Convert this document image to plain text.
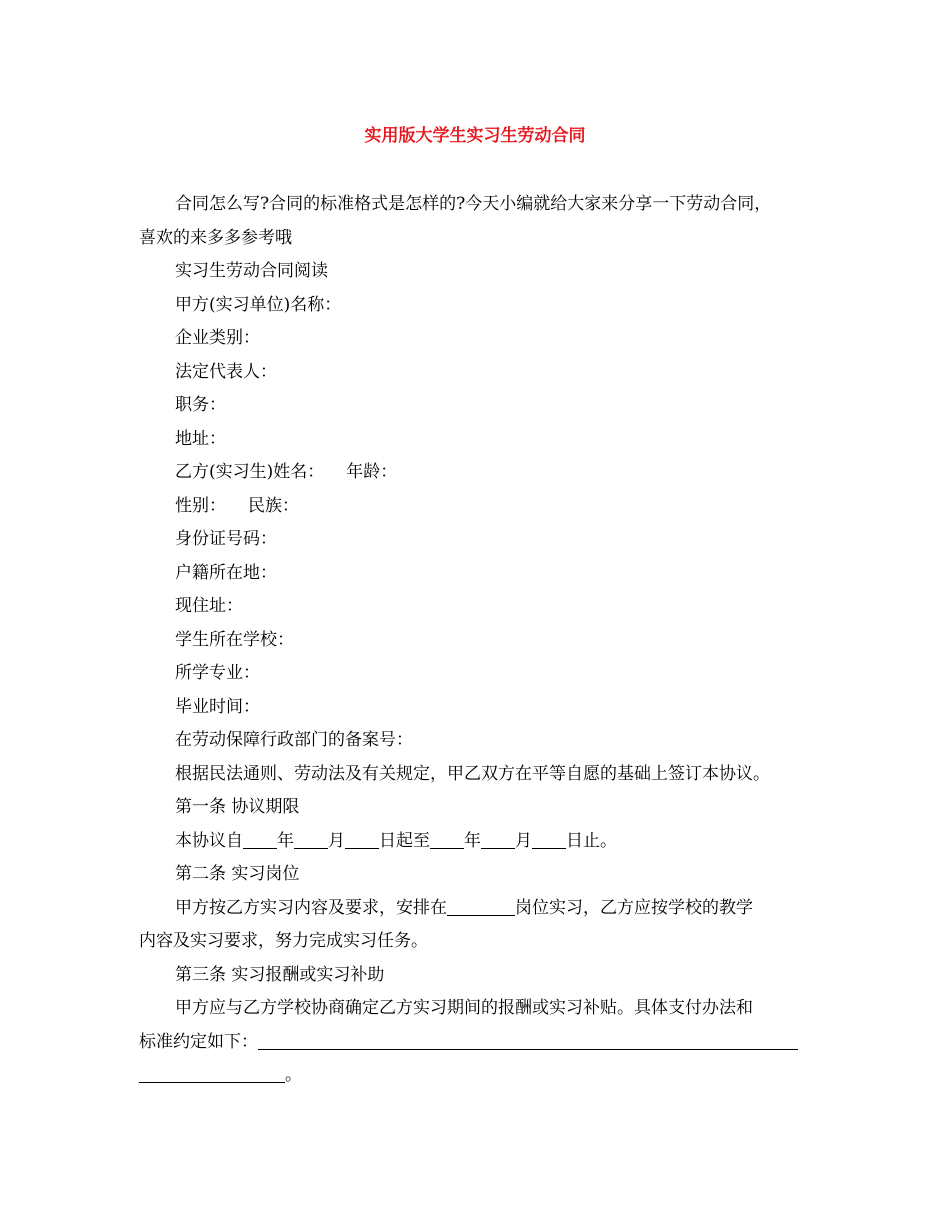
实用版大学生实习生劳动合同

合同怎么写?合同的标准格式是怎样的?今天小编就给大家来分享一下劳动合同，

喜欢的来多多参考哦

实习生劳动合同阅读

甲方(实习单位)名称：

企业类别：

法定代表人：

职务：

地址：

乙方(实习生)姓名： 年龄：

性别： 民族：

身份证号码：

户籍所在地：

现住址：

学生所在学校：

所学专业：

毕业时间：

在劳动保障行政部门的备案号：

根据民法通则、劳动法及有关规定，甲乙双方在平等自愿的基础上签订本协议。

第一条 协议期限

本协议自 年 月 日起至 年 月 日止。

第二条 实习岗位

甲方按乙方实习内容及要求，安排在	岗位实习，乙方应按学校的教学

内容及实习要求，努力完成实习任务。

第三条 实习报酬或实习补助

甲方应与乙方学校协商确定乙方实习期间的报酬或实习补贴。具体支付办法和

标准约定如下：

。
